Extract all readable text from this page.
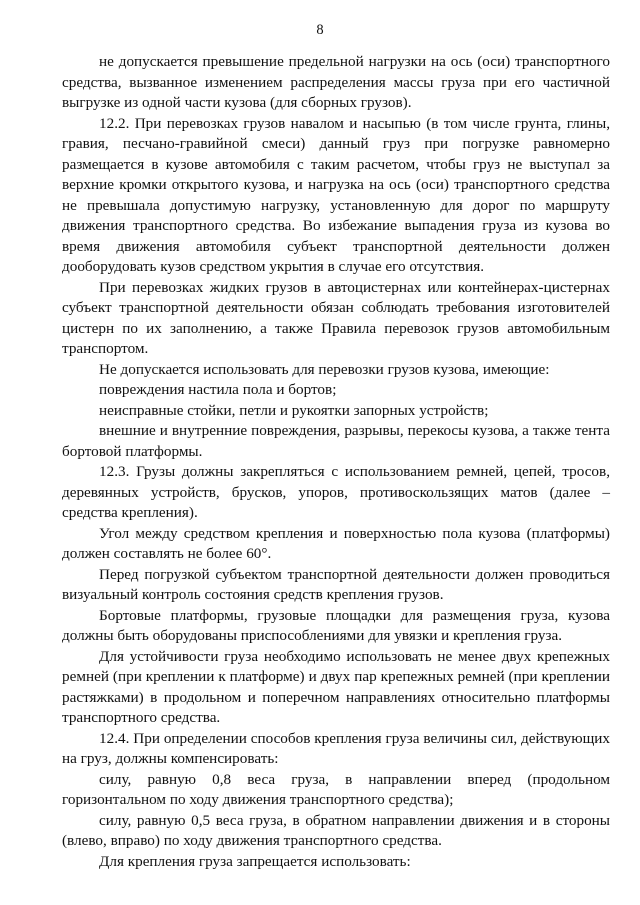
8

не допускается превышение предельной нагрузки на ось (оси) транспортного средства, вызванное изменением распределения массы груза при его частичной выгрузке из одной части кузова (для сборных грузов).

12.2. При перевозках грузов навалом и насыпью (в том числе грунта, глины, гравия, песчано-гравийной смеси) данный груз при погрузке равномерно размещается в кузове автомобиля с таким расчетом, чтобы груз не выступал за верхние кромки открытого кузова, и нагрузка на ось (оси) транспортного средства не превышала допустимую нагрузку, установленную для дорог по маршруту движения транспортного средства. Во избежание выпадения груза из кузова во время движения автомобиля субъект транспортной деятельности должен дооборудовать кузов средством укрытия в случае его отсутствия.

При перевозках жидких грузов в автоцистернах или контейнерах-цистернах субъект транспортной деятельности обязан соблюдать требования изготовителей цистерн по их заполнению, а также Правила перевозок грузов автомобильным транспортом.

Не допускается использовать для перевозки грузов кузова, имеющие:

повреждения настила пола и бортов;

неисправные стойки, петли и рукоятки запорных устройств;

внешние и внутренние повреждения, разрывы, перекосы кузова, а также тента бортовой платформы.

12.3. Грузы должны закрепляться с использованием ремней, цепей, тросов, деревянных устройств, брусков, упоров, противоскользящих матов (далее – средства крепления).

Угол между средством крепления и поверхностью пола кузова (платформы) должен составлять не более 60°.

Перед погрузкой субъектом транспортной деятельности должен проводиться визуальный контроль состояния средств крепления грузов.

Бортовые платформы, грузовые площадки для размещения груза, кузова должны быть оборудованы приспособлениями для увязки и крепления груза.

Для устойчивости груза необходимо использовать не менее двух крепежных ремней (при креплении к платформе) и двух пар крепежных ремней (при креплении растяжками) в продольном и поперечном направлениях относительно платформы транспортного средства.

12.4. При определении способов крепления груза величины сил, действующих на груз, должны компенсировать:

силу, равную 0,8 веса груза, в направлении вперед (продольном горизонтальном по ходу движения транспортного средства);

силу, равную 0,5 веса груза, в обратном направлении движения и в стороны (влево, вправо) по ходу движения транспортного средства.

Для крепления груза запрещается использовать:
